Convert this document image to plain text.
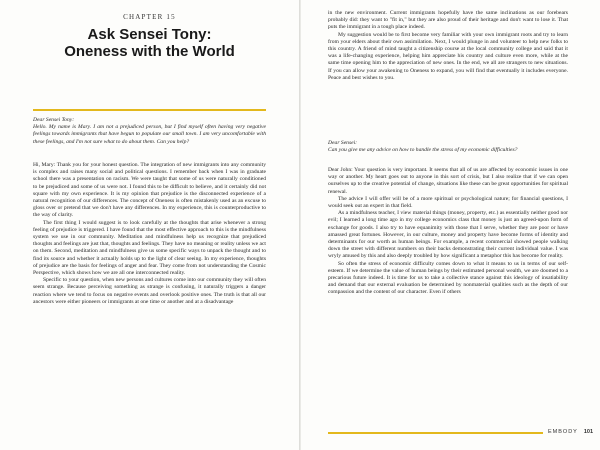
CHAPTER 15
Ask Sensei Tony:
Oneness with the World

Dear Sensei Tony:

Hello. My name is Mary. I am not a prejudiced person, but I find myself often having very negative feelings towards immigrants that have begun to populate our small town. I am very uncomfortable with these feelings, and I'm not sure what to do about them. Can you help?

Hi, Mary: Thank you for your honest question. The integration of new immigrants into any community is complex and raises many social and political questions. I remember back when I was in graduate school there was a presentation on racism. We were taught that some of us were naturally conditioned to be prejudiced and some of us were not. I found this to be difficult to believe, and it certainly did not square with my own experience. It is my opinion that prejudice is the disconnected experience of a natural recognition of our differences. The concept of Oneness is often mistakenly used as an excuse to gloss over or pretend that we don't have any differences. In my experience, this is counterproductive to the way of clarity.

The first thing I would suggest is to look carefully at the thoughts that arise whenever a strong feeling of prejudice is triggered. I have found that the most effective approach to this is the mindfulness system we use in our community. Meditation and mindfulness help us recognize that prejudiced thoughts and feelings are just that, thoughts and feelings. They have no meaning or reality unless we act on them. Second, meditation and mindfulness give us some specific ways to unpack the thought and to find its source and whether it actually holds up to the light of clear seeing. In my experience, thoughts of prejudice are the basis for feelings of anger and fear. They come from not understanding the Cosmic Perspective, which shows how we are all one interconnected reality.

Specific to your question, when new persons and cultures come into our community they will often seem strange. Because perceiving something as strange is confusing, it naturally triggers a danger reaction where we tend to focus on negative events and overlook positive ones. The truth is that all our ancestors were either pioneers or immigrants at one time or another and at a disadvantage

in the new environment. Current immigrants hopefully have the same inclinations as our forebears probably did: they want to "fit in," but they are also proud of their heritage and don't want to lose it. That puts the immigrant in a tough place indeed.

My suggestion would be to first become very familiar with your own immigrant roots and try to learn from your elders about their own assimilation. Next, I would plunge in and volunteer to help new folks to this country. A friend of mind taught a citizenship course at the local community college and said that it was a life-changing experience, helping him appreciate his country and culture even more, while at the same time opening him to the appreciation of new ones. In the end, we all are strangers to new situations. If you can allow your awakening to Oneness to expand, you will find that eventually it includes everyone. Peace and best wishes to you.

Dear Sensei:

Can you give me any advice on how to handle the stress of my economic difficulties?

Dear John: Your question is very important. It seems that all of us are affected by economic issues in one way or another. My heart goes out to anyone in this sort of crisis, but I also realize that if we can open ourselves up to the creative potential of change, situations like these can be great opportunities for spiritual renewal.

The advice I will offer will be of a more spiritual or psychological nature; for financial questions, I would seek out an expert in that field.

As a mindfulness teacher, I view material things (money, property, etc.) as essentially neither good nor evil; I learned a long time ago in my college economics class that money is just an agreed-upon form of exchange for goods. I also try to have equanimity with those that I serve, whether they are poor or have amassed great fortunes. However, in our culture, money and property have become forms of identity and determinants for our worth as human beings. For example, a recent commercial showed people walking down the street with different numbers on their backs demonstrating their current individual value. I was wryly amused by this and also deeply troubled by how significant a metaphor this has become for reality.

So often the stress of economic difficulty comes down to what it means to us in terms of our self-esteem. If we determine the value of human beings by their estimated personal wealth, we are doomed to a precarious future indeed. It is time for us to take a collective stance against this ideology of insatiability and demand that our external evaluation be determined by nonmaterial qualities such as the depth of our compassion and the content of our character. Even if others

EMBODY 101
